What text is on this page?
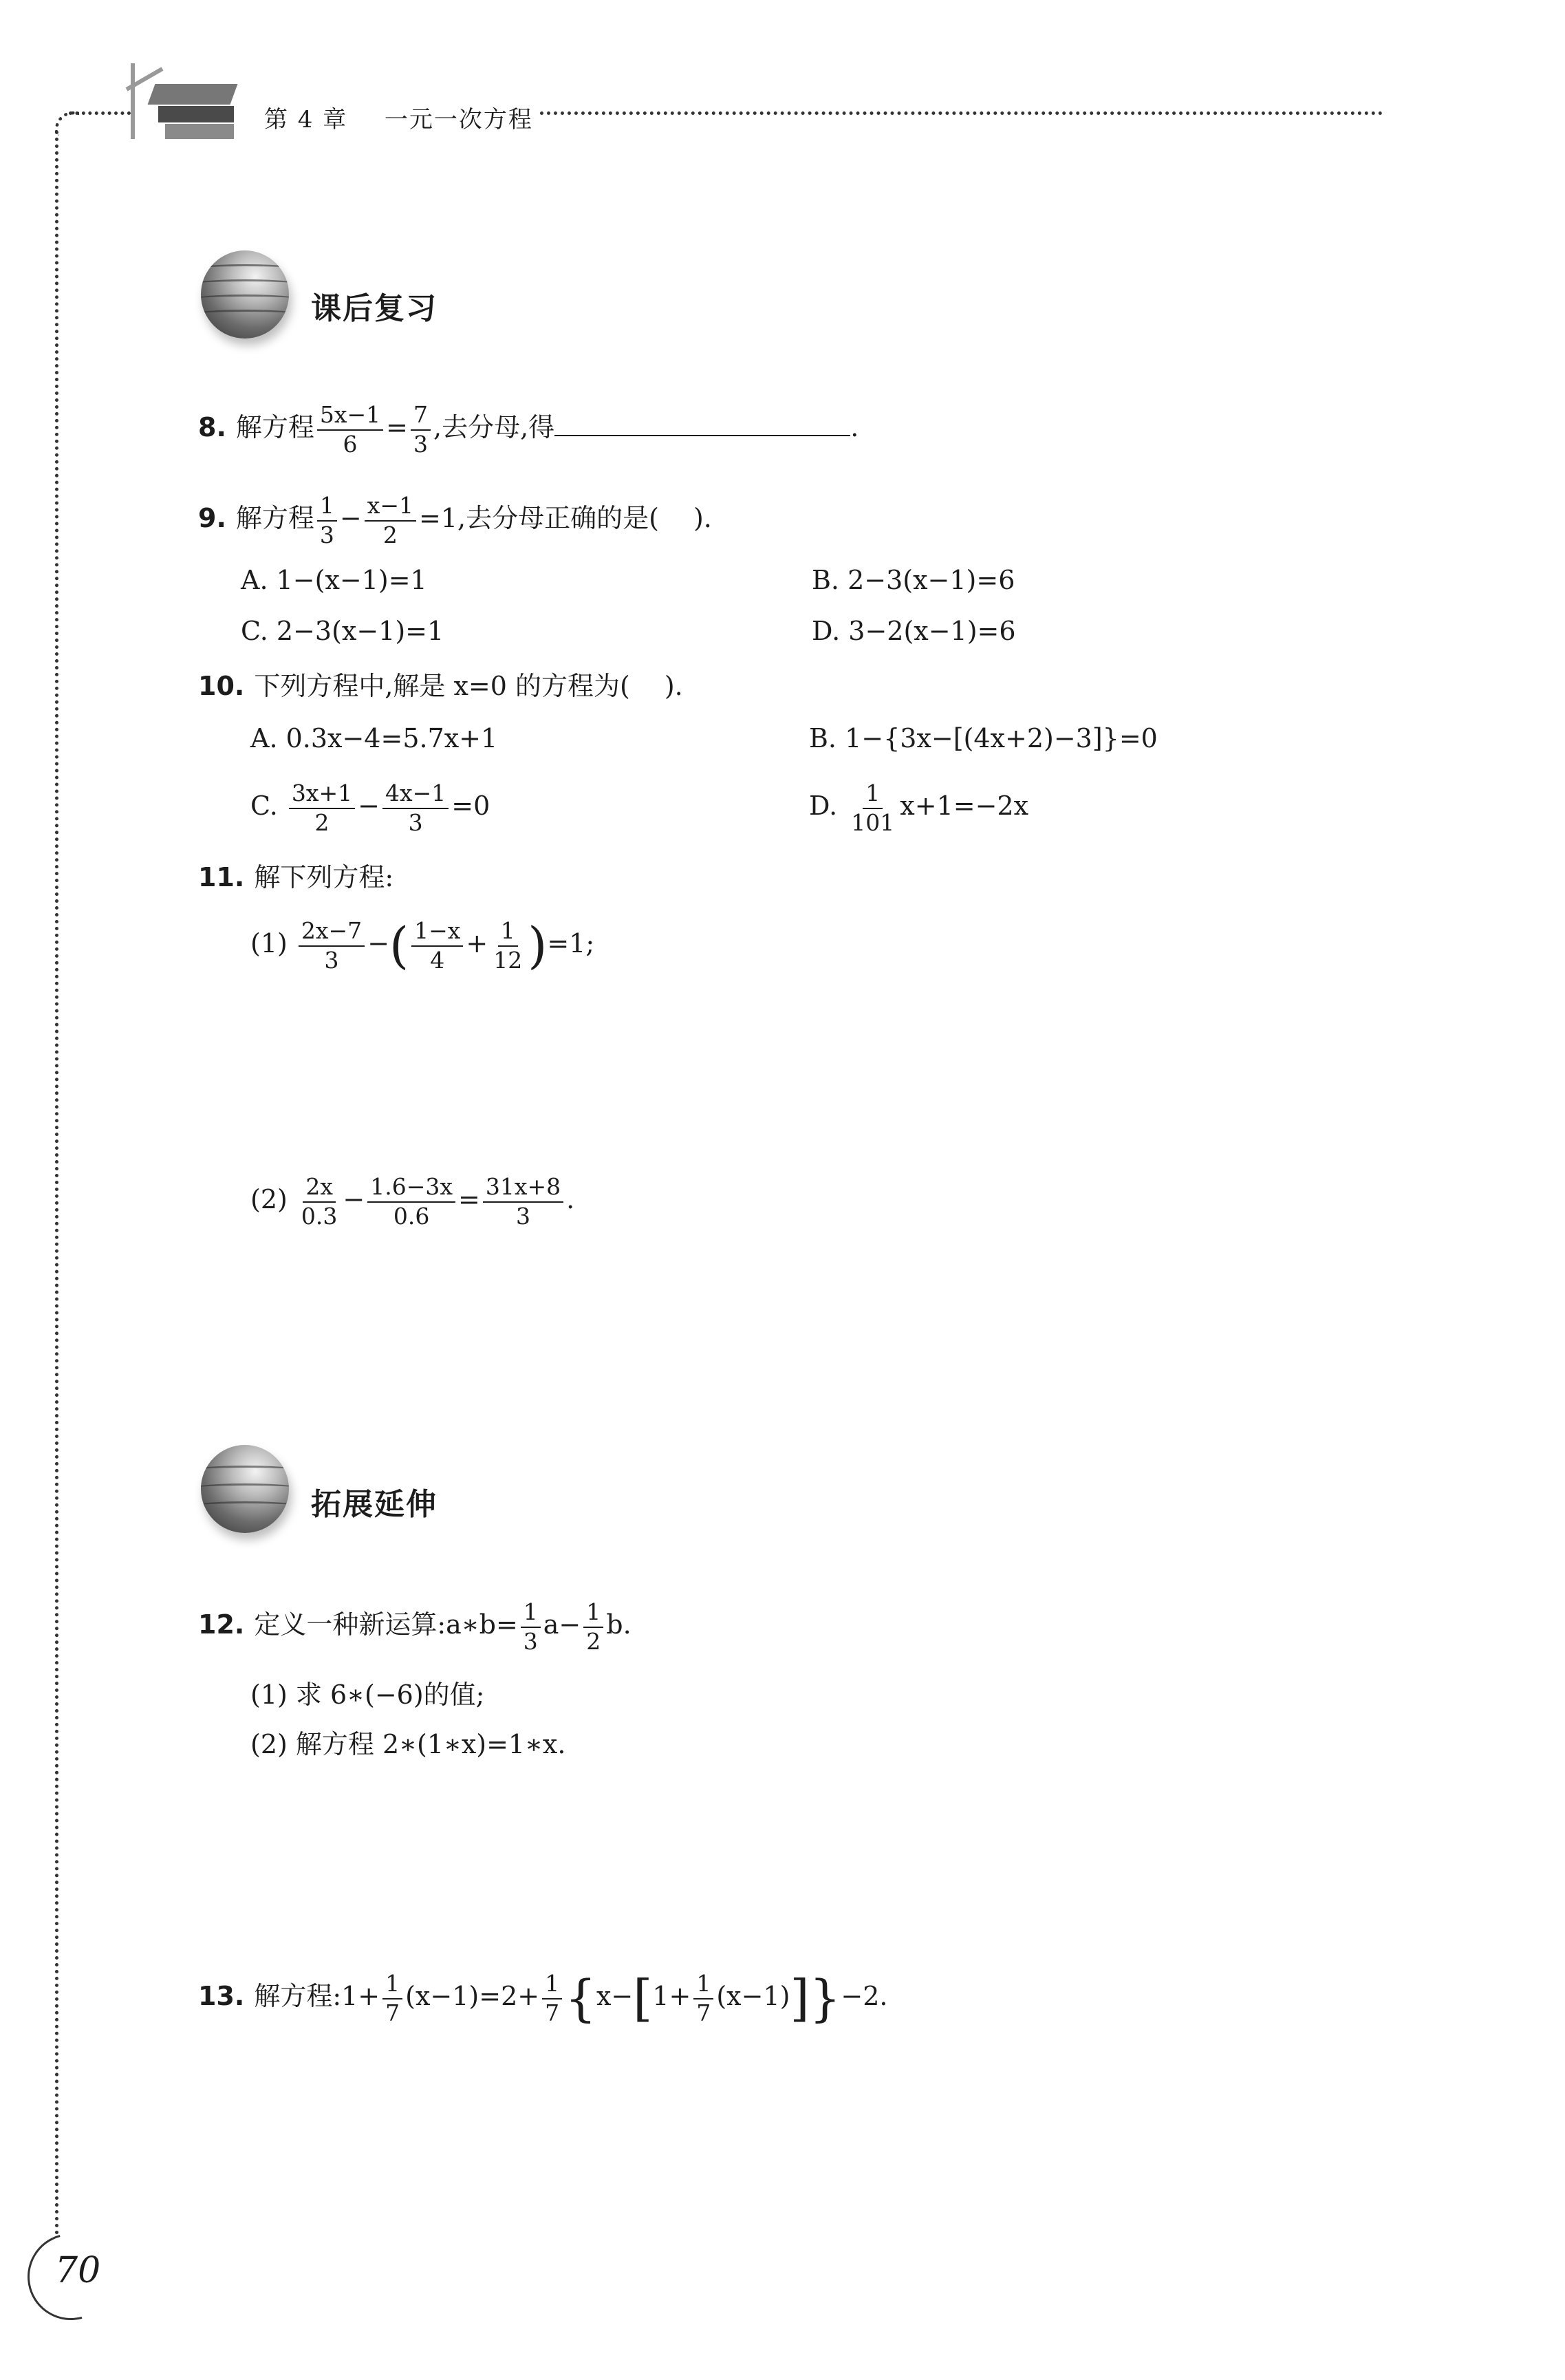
第 4 章 一元一次方程
课后复习
8. 解方程 $\frac{5x-1}{6} = \frac{7}{3}$ ,去分母,得	.
9. 解方程 $\frac{1}{3} - \frac{x-1}{2} =1$,去分母正确的是( ).
A. 1−(x−1)=1	B. 2−3(x−1)=6
C. 2−3(x−1)=1	D. 3−2(x−1)=6
10. 下列方程中,解是 x=0 的方程为( ).
A. 0.3x−4=5.7x+1	B. 1−{3x−[(4x+2)−3]}=0
C. $\frac{3x+1}{2} - \frac{4x-1}{3} =0$	D. $\frac{1}{101} x+1=-2x$
11. 解下列方程:
$(1) \frac{2x-7}{3}$ −( $\frac{1-x}{4} + \frac{1}{12} )=1$;
$(2) \frac{2x}{0.3} - \frac{1.6-3x}{0.6} = \frac{31x+8}{3}$ .
拓展延伸
12. 定义一种新运算:a∗b= $\frac{1}{3} a- \frac{1}{2} b$.
(1) 求 6∗(−6)的值;
(2) 解方程 2∗(1∗x)=1∗x.
13. 解方程:1+ $\frac{1}{7} (x-1)=2+ \frac{1}{7} \{x-[1+ \frac{1}{7} (x-1)]\}-2$.
70
